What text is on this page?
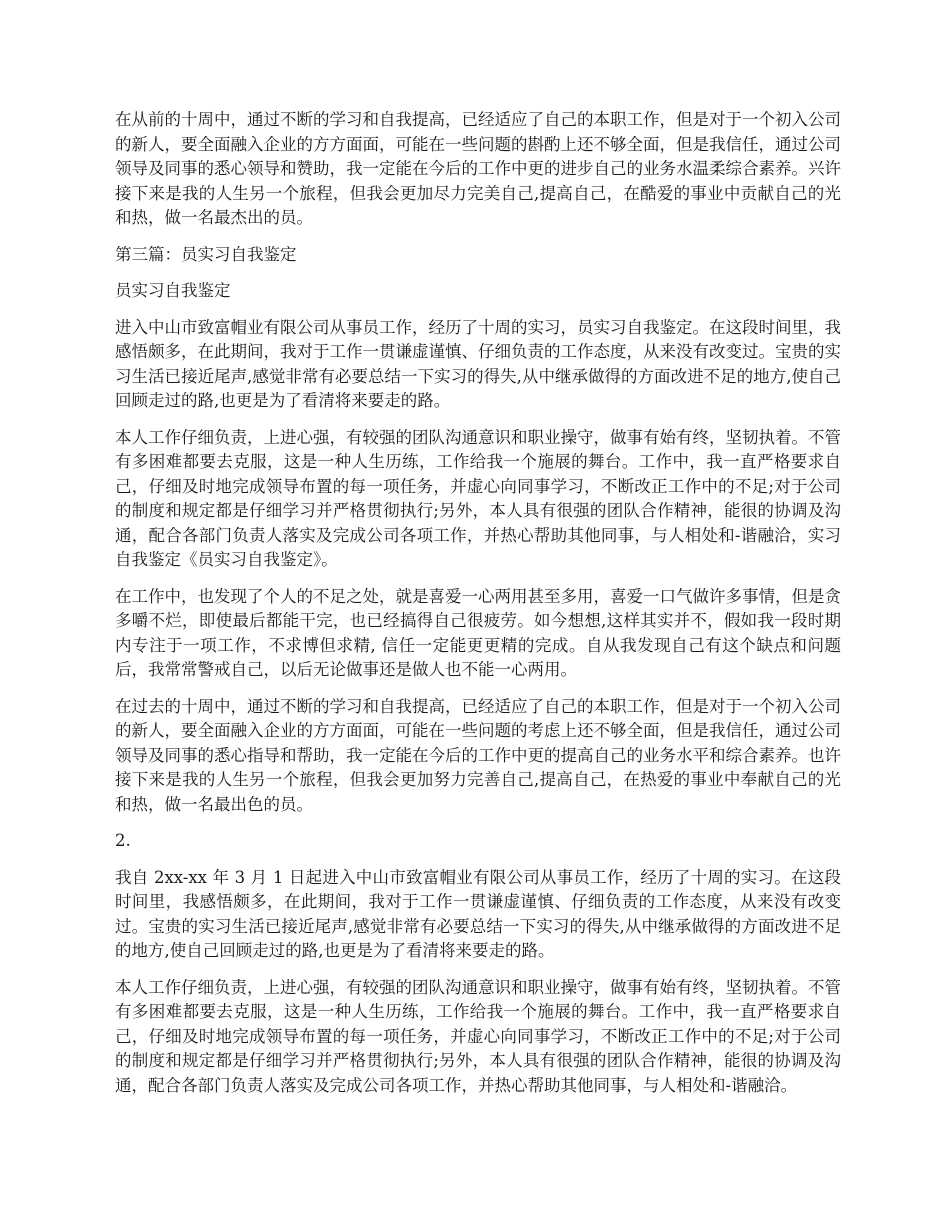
在从前的十周中，通过不断的学习和自我提高，已经适应了自己的本职工作，但是对于一个初入公司的新人，要全面融入企业的方方面面，可能在一些问题的斟酌上还不够全面，但是我信任，通过公司领导及同事的悉心领导和赞助，我一定能在今后的工作中更的进步自己的业务水温柔综合素养。兴许接下来是我的人生另一个旅程，但我会更加尽力完美自己,提高自己，在酷爱的事业中贡献自己的光和热，做一名最杰出的员。

第三篇：员实习自我鉴定

员实习自我鉴定

进入中山市致富帽业有限公司从事员工作，经历了十周的实习，员实习自我鉴定。在这段时间里，我感悟颇多，在此期间，我对于工作一贯谦虚谨慎、仔细负责的工作态度，从来没有改变过。宝贵的实习生活已接近尾声,感觉非常有必要总结一下实习的得失,从中继承做得的方面改进不足的地方,使自己回顾走过的路,也更是为了看清将来要走的路。

本人工作仔细负责，上进心强，有较强的团队沟通意识和职业操守，做事有始有终，坚韧执着。不管有多困难都要去克服，这是一种人生历练，工作给我一个施展的舞台。工作中，我一直严格要求自己，仔细及时地完成领导布置的每一项任务，并虚心向同事学习，不断改正工作中的不足;对于公司的制度和规定都是仔细学习并严格贯彻执行;另外，本人具有很强的团队合作精神，能很的协调及沟通，配合各部门负责人落实及完成公司各项工作，并热心帮助其他同事，与人相处和-谐融洽，实习自我鉴定《员实习自我鉴定》。

在工作中，也发现了个人的不足之处，就是喜爱一心两用甚至多用，喜爱一口气做许多事情，但是贪多嚼不烂，即使最后都能干完，也已经搞得自己很疲劳。如今想想,这样其实并不，假如我一段时期内专注于一项工作，不求博但求精, 信任一定能更更精的完成。自从我发现自己有这个缺点和问题后，我常常警戒自己，以后无论做事还是做人也不能一心两用。

在过去的十周中，通过不断的学习和自我提高，已经适应了自己的本职工作，但是对于一个初入公司的新人，要全面融入企业的方方面面，可能在一些问题的考虑上还不够全面，但是我信任，通过公司领导及同事的悉心指导和帮助，我一定能在今后的工作中更的提高自己的业务水平和综合素养。也许接下来是我的人生另一个旅程，但我会更加努力完善自己,提高自己，在热爱的事业中奉献自己的光和热，做一名最出色的员。

2.

我自 2xx-xx 年 3 月 1 日起进入中山市致富帽业有限公司从事员工作，经历了十周的实习。在这段时间里，我感悟颇多，在此期间，我对于工作一贯谦虚谨慎、仔细负责的工作态度，从来没有改变过。宝贵的实习生活已接近尾声,感觉非常有必要总结一下实习的得失,从中继承做得的方面改进不足的地方,使自己回顾走过的路,也更是为了看清将来要走的路。

本人工作仔细负责，上进心强，有较强的团队沟通意识和职业操守，做事有始有终，坚韧执着。不管有多困难都要去克服，这是一种人生历练，工作给我一个施展的舞台。工作中，我一直严格要求自己，仔细及时地完成领导布置的每一项任务，并虚心向同事学习，不断改正工作中的不足;对于公司的制度和规定都是仔细学习并严格贯彻执行;另外，本人具有很强的团队合作精神，能很的协调及沟通，配合各部门负责人落实及完成公司各项工作，并热心帮助其他同事，与人相处和-谐融洽。
